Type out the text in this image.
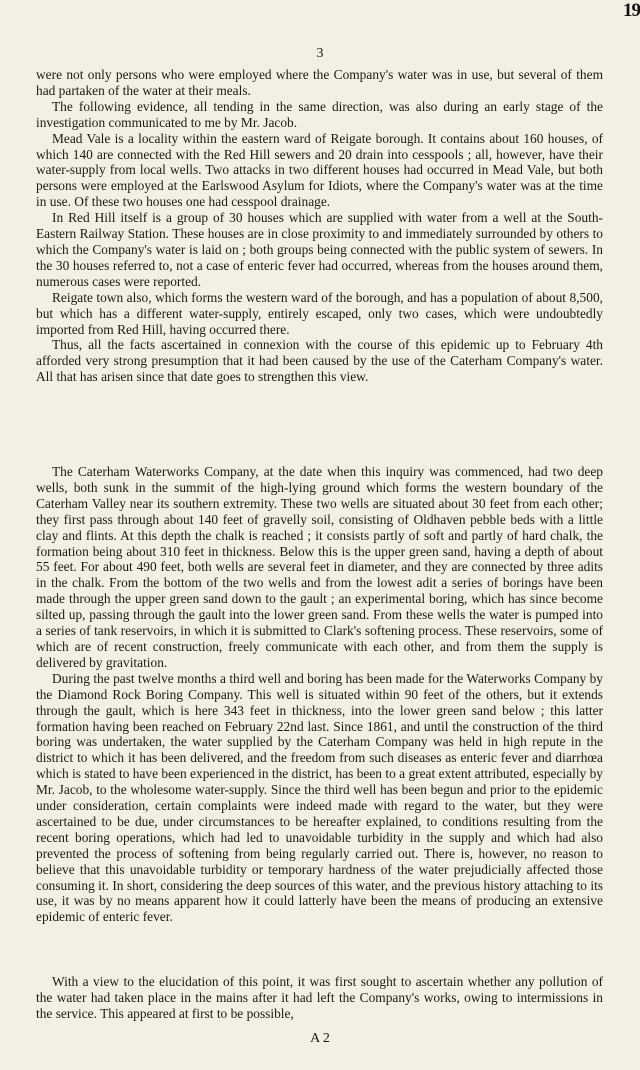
19
3

were not only persons who were employed where the Company's water was in use, but several of them had partaken of the water at their meals.

The following evidence, all tending in the same direction, was also during an early stage of the investigation communicated to me by Mr. Jacob.

Mead Vale is a locality within the eastern ward of Reigate borough. It contains about 160 houses, of which 140 are connected with the Red Hill sewers and 20 drain into cesspools ; all, however, have their water-supply from local wells. Two attacks in two different houses had occurred in Mead Vale, but both persons were employed at the Earlswood Asylum for Idiots, where the Company's water was at the time in use. Of these two houses one had cesspool drainage.

In Red Hill itself is a group of 30 houses which are supplied with water from a well at the South-Eastern Railway Station. These houses are in close proximity to and immediately surrounded by others to which the Company's water is laid on ; both groups being connected with the public system of sewers. In the 30 houses referred to, not a case of enteric fever had occurred, whereas from the houses around them, numerous cases were reported.

Reigate town also, which forms the western ward of the borough, and has a population of about 8,500, but which has a different water-supply, entirely escaped, only two cases, which were undoubtedly imported from Red Hill, having occurred there.

Thus, all the facts ascertained in connexion with the course of this epidemic up to February 4th afforded very strong presumption that it had been caused by the use of the Caterham Company's water. All that has arisen since that date goes to strengthen this view.

The Caterham Waterworks Company, at the date when this inquiry was commenced, had two deep wells, both sunk in the summit of the high-lying ground which forms the western boundary of the Caterham Valley near its southern extremity. These two wells are situated about 30 feet from each other; they first pass through about 140 feet of gravelly soil, consisting of Oldhaven pebble beds with a little clay and flints. At this depth the chalk is reached ; it consists partly of soft and partly of hard chalk, the formation being about 310 feet in thickness. Below this is the upper green sand, having a depth of about 55 feet. For about 490 feet, both wells are several feet in diameter, and they are connected by three adits in the chalk. From the bottom of the two wells and from the lowest adit a series of borings have been made through the upper green sand down to the gault ; an experimental boring, which has since become silted up, passing through the gault into the lower green sand. From these wells the water is pumped into a series of tank reservoirs, in which it is submitted to Clark's softening process. These reservoirs, some of which are of recent construction, freely communicate with each other, and from them the supply is delivered by gravitation.

During the past twelve months a third well and boring has been made for the Waterworks Company by the Diamond Rock Boring Company. This well is situated within 90 feet of the others, but it extends through the gault, which is here 343 feet in thickness, into the lower green sand below ; this latter formation having been reached on February 22nd last. Since 1861, and until the construction of the third boring was undertaken, the water supplied by the Caterham Company was held in high repute in the district to which it has been delivered, and the freedom from such diseases as enteric fever and diarrhœa which is stated to have been experienced in the district, has been to a great extent attributed, especially by Mr. Jacob, to the wholesome water-supply. Since the third well has been begun and prior to the epidemic under consideration, certain complaints were indeed made with regard to the water, but they were ascertained to be due, under circumstances to be hereafter explained, to conditions resulting from the recent boring operations, which had led to unavoidable turbidity in the supply and which had also prevented the process of softening from being regularly carried out. There is, however, no reason to believe that this unavoidable turbidity or temporary hardness of the water prejudicially affected those consuming it. In short, considering the deep sources of this water, and the previous history attaching to its use, it was by no means apparent how it could latterly have been the means of producing an extensive epidemic of enteric fever.

With a view to the elucidation of this point, it was first sought to ascertain whether any pollution of the water had taken place in the mains after it had left the Company's works, owing to intermissions in the service. This appeared at first to be possible,

A 2
